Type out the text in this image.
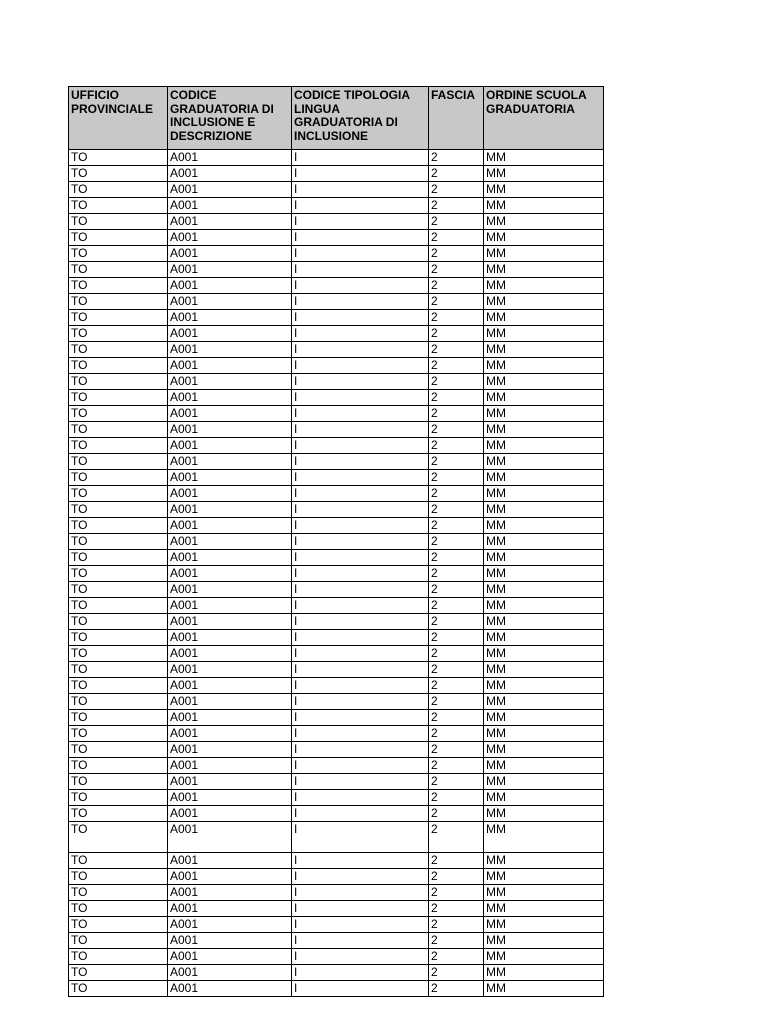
UFFICIO PROVINCIALE	CODICE GRADUATORIA DI INCLUSIONE E DESCRIZIONE	CODICE TIPOLOGIA LINGUA GRADUATORIA DI INCLUSIONE	FASCIA	ORDINE SCUOLA GRADUATORIA
TO	A001	I	2	MM
TO	A001	I	2	MM
TO	A001	I	2	MM
TO	A001	I	2	MM
TO	A001	I	2	MM
TO	A001	I	2	MM
TO	A001	I	2	MM
TO	A001	I	2	MM
TO	A001	I	2	MM
TO	A001	I	2	MM
TO	A001	I	2	MM
TO	A001	I	2	MM
TO	A001	I	2	MM
TO	A001	I	2	MM
TO	A001	I	2	MM
TO	A001	I	2	MM
TO	A001	I	2	MM
TO	A001	I	2	MM
TO	A001	I	2	MM
TO	A001	I	2	MM
TO	A001	I	2	MM
TO	A001	I	2	MM
TO	A001	I	2	MM
TO	A001	I	2	MM
TO	A001	I	2	MM
TO	A001	I	2	MM
TO	A001	I	2	MM
TO	A001	I	2	MM
TO	A001	I	2	MM
TO	A001	I	2	MM
TO	A001	I	2	MM
TO	A001	I	2	MM
TO	A001	I	2	MM
TO	A001	I	2	MM
TO	A001	I	2	MM
TO	A001	I	2	MM
TO	A001	I	2	MM
TO	A001	I	2	MM
TO	A001	I	2	MM
TO	A001	I	2	MM
TO	A001	I	2	MM
TO	A001	I	2	MM
TO	A001	I	2	MM
TO	A001	I	2	MM
TO	A001	I	2	MM
TO	A001	I	2	MM
TO	A001	I	2	MM
TO	A001	I	2	MM
TO	A001	I	2	MM
TO	A001	I	2	MM
TO	A001	I	2	MM
TO	A001	I	2	MM
